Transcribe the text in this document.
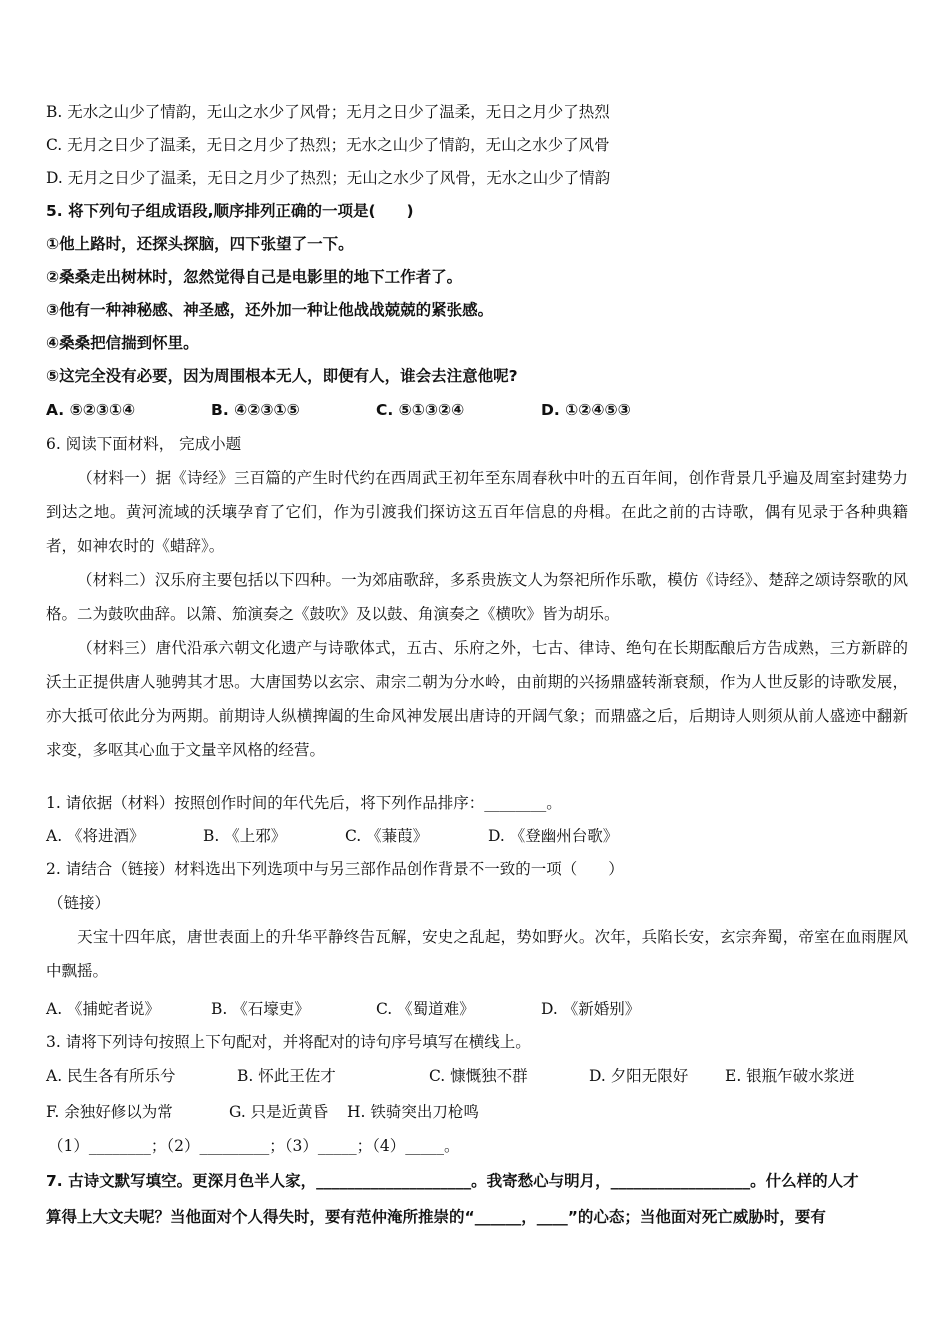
B. 无水之山少了情韵，无山之水少了风骨；无月之日少了温柔，无日之月少了热烈
C. 无月之日少了温柔，无日之月少了热烈；无水之山少了情韵，无山之水少了风骨
D. 无月之日少了温柔，无日之月少了热烈；无山之水少了风骨，无水之山少了情韵
5. 将下列句子组成语段,顺序排列正确的一项是(　　)
①他上路时，还探头探脑，四下张望了一下。
②桑桑走出树林时，忽然觉得自己是电影里的地下工作者了。
③他有一种神秘感、神圣感，还外加一种让他战战兢兢的紧张感。
④桑桑把信揣到怀里。
⑤这完全没有必要，因为周围根本无人，即便有人，谁会去注意他呢?
A. ⑤②③①④	B. ④②③①⑤	C. ⑤①③②④	D. ①②④⑤③
6. 阅读下面材料， 完成小题
（材料一）据《诗经》三百篇的产生时代约在西周武王初年至东周春秋中叶的五百年间，创作背景几乎遍及周室封建势力到达之地。黄河流域的沃壤孕育了它们，作为引渡我们探访这五百年信息的舟楫。在此之前的古诗歌，偶有见录于各种典籍者，如神农时的《蜡辞》。
（材料二）汉乐府主要包括以下四种。一为郊庙歌辞，多系贵族文人为祭祀所作乐歌，模仿《诗经》、楚辞之颂诗祭歌的风格。二为鼓吹曲辞。以箫、笳演奏之《鼓吹》及以鼓、角演奏之《横吹》皆为胡乐。
（材料三）唐代沿承六朝文化遗产与诗歌体式，五古、乐府之外，七古、律诗、绝句在长期酝酿后方告成熟，三方新辟的沃土正提供唐人驰骋其才思。大唐国势以玄宗、肃宗二朝为分水岭，由前期的兴扬鼎盛转渐衰颓，作为人世反影的诗歌发展，亦大抵可依此分为两期。前期诗人纵横捭阖的生命风神发展出唐诗的开阔气象；而鼎盛之后，后期诗人则须从前人盛迹中翻新求变，多呕其心血于文量辛风格的经营。
1. 请依据（材料）按照创作时间的年代先后，将下列作品排序：________。
A. 《将进酒》	B. 《上邪》	C. 《蒹葭》	D. 《登幽州台歌》
2. 请结合（链接）材料选出下列选项中与另三部作品创作背景不一致的一项（　　）
（链接）
天宝十四年底，唐世表面上的升华平静终告瓦解，安史之乱起，势如野火。次年，兵陷长安，玄宗奔蜀，帝室在血雨腥风中飘摇。
A. 《捕蛇者说》	B. 《石壕吏》	C. 《蜀道难》	D. 《新婚别》
3. 请将下列诗句按照上下句配对，并将配对的诗句序号填写在横线上。
A. 民生各有所乐兮	B. 怀此王佐才	C. 慷慨独不群	D. 夕阳无限好 E. 银瓶乍破水浆迸
F. 余独好修以为常	G. 只是近黄昏 H. 铁骑突出刀枪鸣
（1）________；（2）_________；（3）_____；（4）_____。
7. 古诗文默写填空。更深月色半人家，____________________。我寄愁心与明月，__________________。什么样的人才
算得上大文夫呢？当他面对个人得失时，要有范仲淹所推崇的“______，____”的心态；当他面对死亡威胁时，要有
